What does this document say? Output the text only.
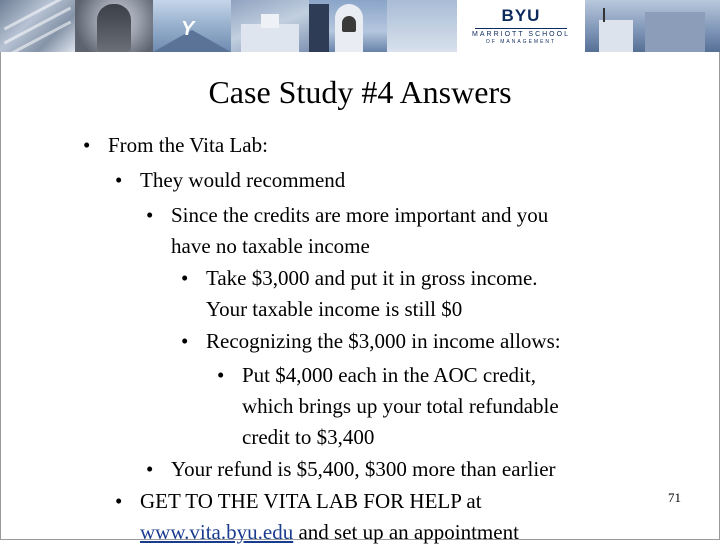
Y
BYU
MARRIOTT SCHOOL
OF MANAGEMENT
Case Study #4 Answers
• From the Vita Lab:
• They would recommend
• Since the credits are more important and you
have no taxable income
• Take $3,000 and put it in gross income.
Your taxable income is still $0
• Recognizing the $3,000 in income allows:
• Put $4,000 each in the AOC credit,
which brings up your total refundable
credit to $3,400
• Your refund is $5,400, $300 more than earlier
• GET TO THE VITA LAB FOR HELP at
www.vita.byu.edu and set up an appointment
71
